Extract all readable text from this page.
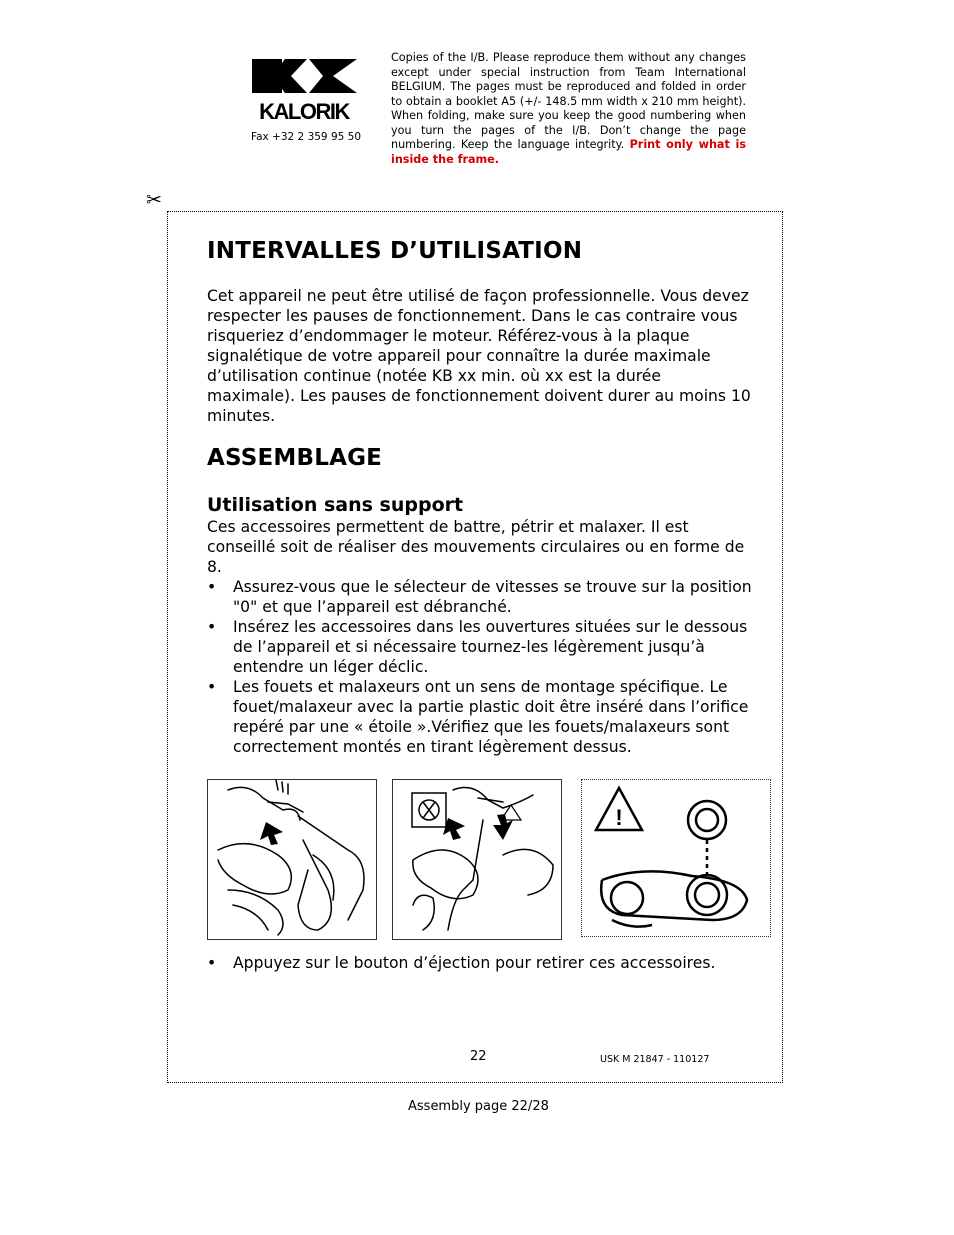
KALORIK
Fax +32 2 359 95 50
Copies of the I/B. Please reproduce them without any changes except under special instruction from Team International BELGIUM. The pages must be reproduced and folded in order to obtain a booklet A5 (+/- 148.5 mm width x 210 mm height). When folding, make sure you keep the good numbering when you turn the pages of the I/B. Don’t change the page numbering. Keep the language integrity. Print only what is inside the frame.
✂
INTERVALLES D’UTILISATION

Cet appareil ne peut être utilisé de façon professionnelle. Vous devez respecter les pauses de fonctionnement. Dans le cas contraire vous risqueriez d’endommager le moteur. Référez-vous à la plaque signalétique de votre appareil pour connaître la durée maximale d’utilisation continue (notée KB xx min. où xx est la durée maximale). Les pauses de fonctionnement doivent durer au moins 10 minutes.

ASSEMBLAGE
Utilisation sans support

Ces accessoires permettent de battre, pétrir et malaxer. Il est conseillé soit de réaliser des mouvements circulaires ou en forme de 8.

• Assurez-vous que le sélecteur de vitesses se trouve sur la position "0" et que l’appareil est débranché.
• Insérez les accessoires dans les ouvertures situées sur le dessous de l’appareil et si nécessaire tournez-les légèrement jusqu’à entendre un léger déclic.
• Les fouets et malaxeurs ont un sens de montage spécifique. Le fouet/malaxeur avec la partie plastic doit être inséré dans l’orifice repéré par une « étoile ».Vérifiez que les fouets/malaxeurs sont correctement montés en tirant légèrement dessus.
!
• Appuyez sur le bouton d’éjection pour retirer ces accessoires.
22	USK M 21847 - 110127
Assembly page 22/28
